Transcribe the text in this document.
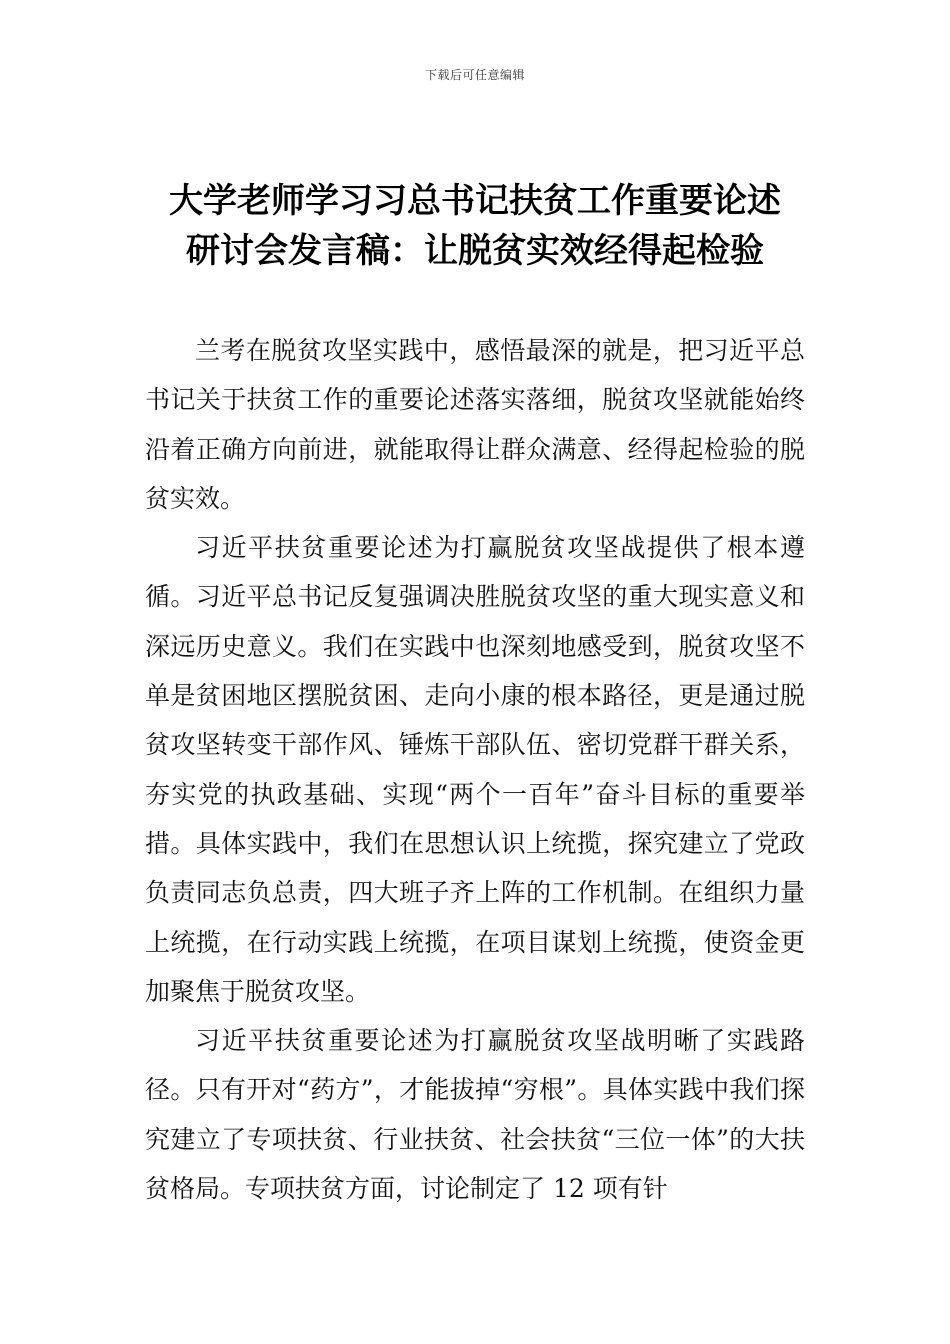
下载后可任意编辑
大学老师学习习总书记扶贫工作重要论述
研讨会发言稿：让脱贫实效经得起检验

兰考在脱贫攻坚实践中，感悟最深的就是，把习近平总书记关于扶贫工作的重要论述落实落细，脱贫攻坚就能始终沿着正确方向前进，就能取得让群众满意、经得起检验的脱贫实效。

习近平扶贫重要论述为打赢脱贫攻坚战提供了根本遵循。习近平总书记反复强调决胜脱贫攻坚的重大现实意义和深远历史意义。我们在实践中也深刻地感受到，脱贫攻坚不单是贫困地区摆脱贫困、走向小康的根本路径，更是通过脱贫攻坚转变干部作风、锤炼干部队伍、密切党群干群关系，夯实党的执政基础、实现“两个一百年”奋斗目标的重要举措。具体实践中，我们在思想认识上统揽，探究建立了党政负责同志负总责，四大班子齐上阵的工作机制。在组织力量上统揽，在行动实践上统揽，在项目谋划上统揽，使资金更加聚焦于脱贫攻坚。

习近平扶贫重要论述为打赢脱贫攻坚战明晰了实践路径。只有开对“药方”，才能拔掉“穷根”。具体实践中我们探究建立了专项扶贫、行业扶贫、社会扶贫“三位一体”的大扶贫格局。专项扶贫方面，讨论制定了 12 项有针
